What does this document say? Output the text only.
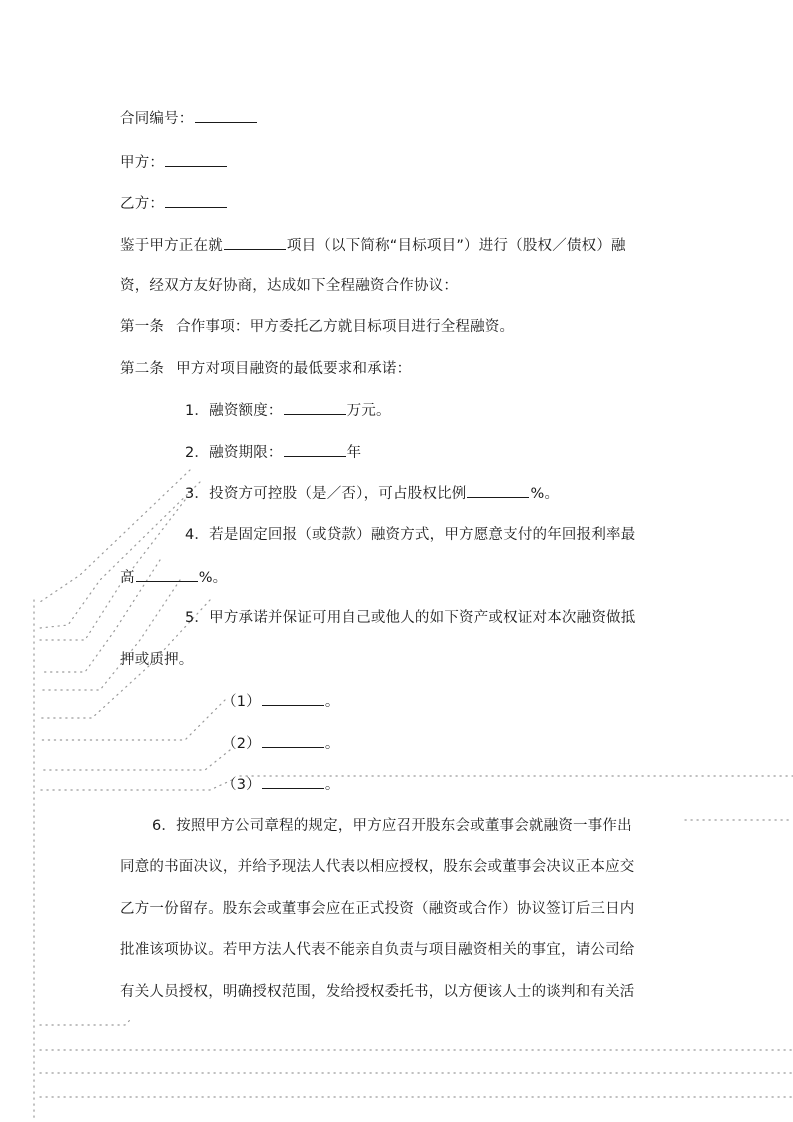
合同编号：
甲方：
乙方：
鉴于甲方正在就	项目（以下简称“目标项目”）进行（股权／债权）融
资，经双方友好协商，达成如下全程融资合作协议：
第一条 合作事项：甲方委托乙方就目标项目进行全程融资。
第二条 甲方对项目融资的最低要求和承诺：
1．融资额度：	万元。
2．融资期限：	年
3．投资方可控股（是／否），可占股权比例	%。
4．若是固定回报（或贷款）融资方式，甲方愿意支付的年回报利率最
高	%。
5．甲方承诺并保证可用自己或他人的如下资产或权证对本次融资做抵
押或质押。
（1）	。
（2）	。
（3）	。
6．按照甲方公司章程的规定，甲方应召开股东会或董事会就融资一事作出
同意的书面决议，并给予现法人代表以相应授权，股东会或董事会决议正本应交
乙方一份留存。股东会或董事会应在正式投资（融资或合作）协议签订后三日内
批准该项协议。若甲方法人代表不能亲自负责与项目融资相关的事宜，请公司给
有关人员授权，明确授权范围，发给授权委托书，以方便该人士的谈判和有关活
